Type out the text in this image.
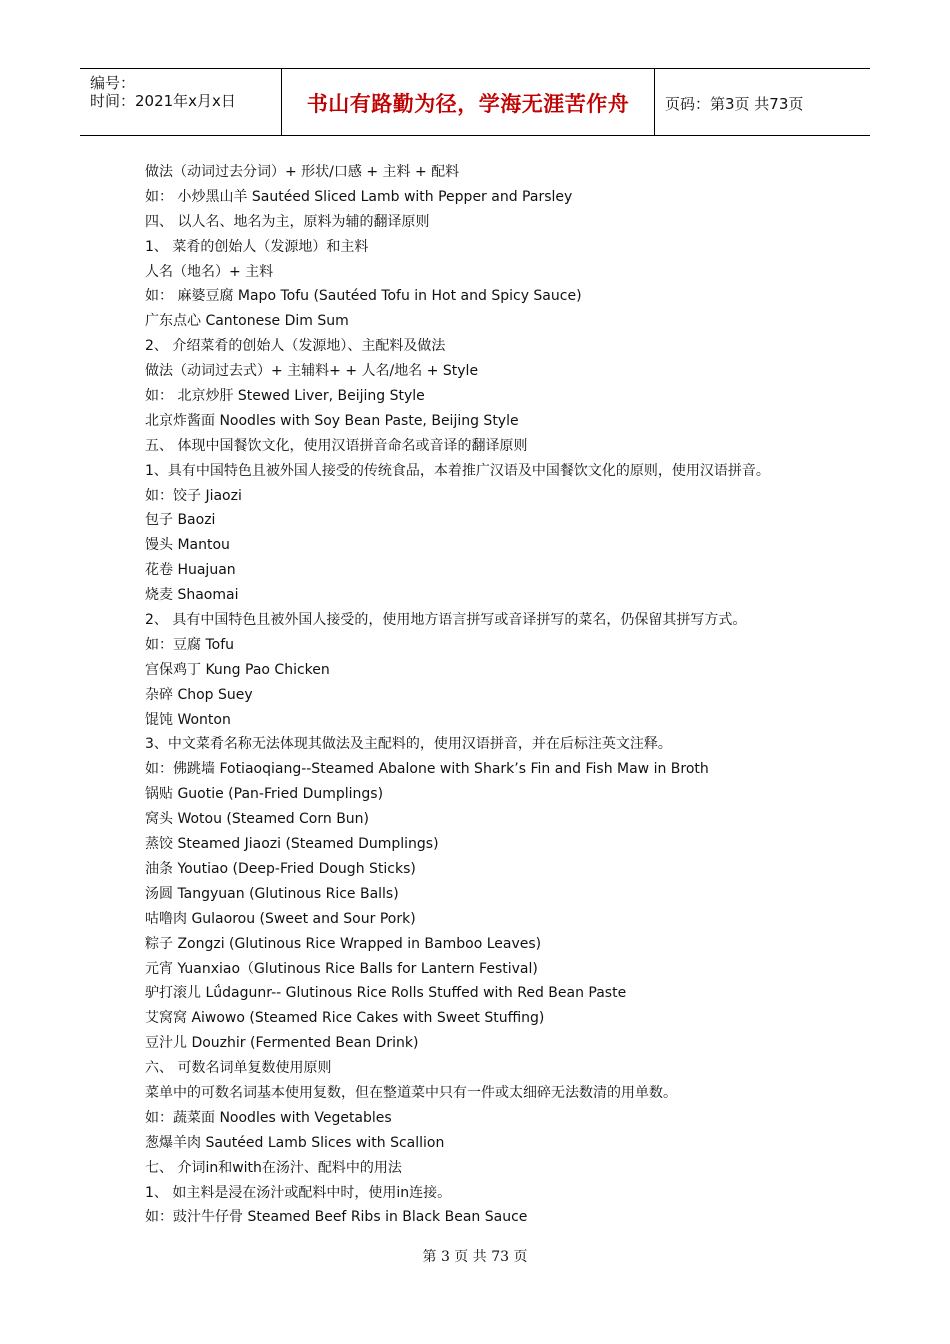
编号：
时间：2021年x月x日	书山有路勤为径，学海无涯苦作舟	页码：第3页 共73页
做法（动词过去分词）+ 形状/口感 + 主料 + 配料
如： 小炒黑山羊 Sautéed Sliced Lamb with Pepper and Parsley
四、 以人名、地名为主，原料为辅的翻译原则
1、 菜肴的创始人（发源地）和主料
人名（地名）+ 主料
如： 麻婆豆腐 Mapo Tofu (Sautéed Tofu in Hot and Spicy Sauce)
广东点心 Cantonese Dim Sum
2、 介绍菜肴的创始人（发源地）、主配料及做法
做法（动词过去式）+ 主辅料+ + 人名/地名 + Style
如： 北京炒肝 Stewed Liver, Beijing Style
北京炸酱面 Noodles with Soy Bean Paste, Beijing Style
五、 体现中国餐饮文化，使用汉语拼音命名或音译的翻译原则
1、具有中国特色且被外国人接受的传统食品，本着推广汉语及中国餐饮文化的原则，使用汉语拼音。
如：饺子 Jiaozi
包子 Baozi
馒头 Mantou
花卷 Huajuan
烧麦 Shaomai
2、 具有中国特色且被外国人接受的，使用地方语言拼写或音译拼写的菜名，仍保留其拼写方式。
如：豆腐 Tofu
宫保鸡丁 Kung Pao Chicken
杂碎 Chop Suey
馄饨 Wonton
3、中文菜肴名称无法体现其做法及主配料的，使用汉语拼音，并在后标注英文注释。
如：佛跳墙 Fotiaoqiang--Steamed Abalone with Shark’s Fin and Fish Maw in Broth
锅贴 Guotie (Pan-Fried Dumplings)
窝头 Wotou (Steamed Corn Bun)
蒸饺 Steamed Jiaozi (Steamed Dumplings)
油条 Youtiao (Deep-Fried Dough Sticks)
汤圆 Tangyuan (Glutinous Rice Balls)
咕噜肉 Gulaorou (Sweet and Sour Pork)
粽子 Zongzi (Glutinous Rice Wrapped in Bamboo Leaves)
元宵 Yuanxiao（Glutinous Rice Balls for Lantern Festival)
驴打滚儿 Lǘdagunr-- Glutinous Rice Rolls Stuffed with Red Bean Paste
艾窝窝 Aiwowo (Steamed Rice Cakes with Sweet Stuffing)
豆汁儿 Douzhir (Fermented Bean Drink)
六、 可数名词单复数使用原则
菜单中的可数名词基本使用复数，但在整道菜中只有一件或太细碎无法数清的用单数。
如：蔬菜面 Noodles with Vegetables
葱爆羊肉 Sautéed Lamb Slices with Scallion
七、 介词in和with在汤汁、配料中的用法
1、 如主料是浸在汤汁或配料中时，使用in连接。
如：豉汁牛仔骨 Steamed Beef Ribs in Black Bean Sauce
第 3 页 共 73 页
